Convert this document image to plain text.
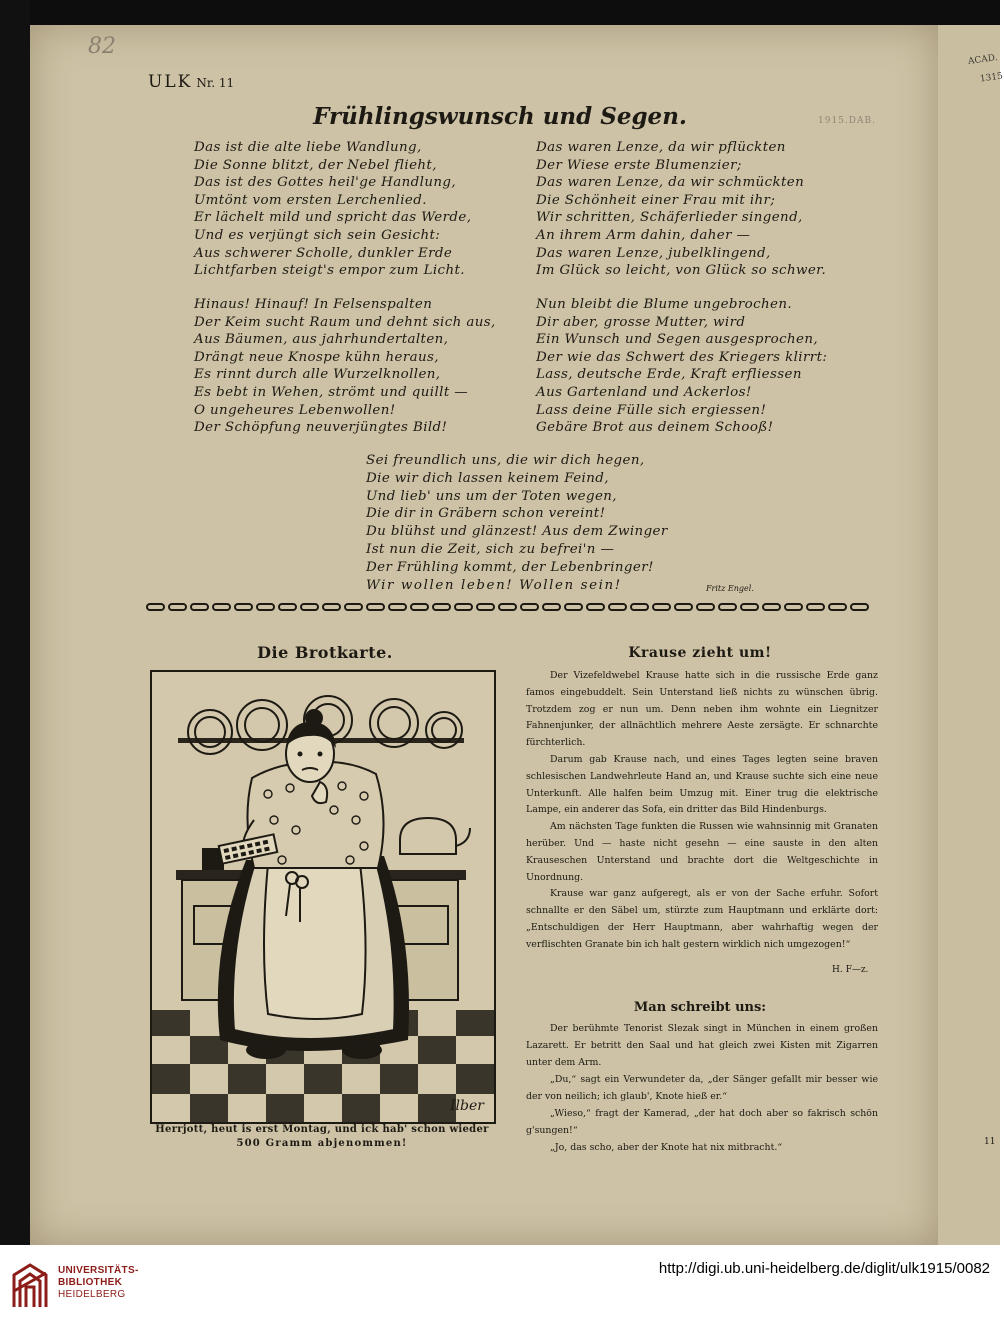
82
ACAD.
1315
ULK Nr. 11
1915.DAB.
Frühlingswunsch und Segen.
Das ist die alte liebe Wandlung,
Die Sonne blitzt, der Nebel flieht,
Das ist des Gottes heil'ge Handlung,
Umtönt vom ersten Lerchenlied.
Er lächelt mild und spricht das Werde,
Und es verjüngt sich sein Gesicht:
Aus schwerer Scholle, dunkler Erde
Lichtfarben steigt's empor zum Licht.
Das waren Lenze, da wir pflückten
Der Wiese erste Blumenzier;
Das waren Lenze, da wir schmückten
Die Schönheit einer Frau mit ihr;
Wir schritten, Schäferlieder singend,
An ihrem Arm dahin, daher —
Das waren Lenze, jubelklingend,
Im Glück so leicht, von Glück so schwer.
Hinaus! Hinauf! In Felsenspalten
Der Keim sucht Raum und dehnt sich aus,
Aus Bäumen, aus jahrhundertalten,
Drängt neue Knospe kühn heraus,
Es rinnt durch alle Wurzelknollen,
Es bebt in Wehen, strömt und quillt —
O ungeheures Lebenwollen!
Der Schöpfung neuverjüngtes Bild!
Nun bleibt die Blume ungebrochen.
Dir aber, grosse Mutter, wird
Ein Wunsch und Segen ausgesprochen,
Der wie das Schwert des Kriegers klirrt:
Lass, deutsche Erde, Kraft erfliessen
Aus Gartenland und Ackerlos!
Lass deine Fülle sich ergiessen!
Gebäre Brot aus deinem Schooß!
Sei freundlich uns, die wir dich hegen,
Die wir dich lassen keinem Feind,
Und lieb' uns um der Toten wegen,
Die dir in Gräbern schon vereint!
Du blühst und glänzest! Aus dem Zwinger
Ist nun die Zeit, sich zu befrei'n —
Der Frühling kommt, der Lebenbringer!
Wir wollen leben! Wollen sein!	Fritz Engel.
Die Brotkarte.
Ilber
Herrjott, heut is erst Montag, und ick hab' schon wieder
500 Gramm abjenommen!
Krause zieht um!

Der Vizefeldwebel Krause hatte sich in die russische Erde ganz famos eingebuddelt. Sein Unterstand ließ nichts zu wünschen übrig. Trotzdem zog er nun um. Denn neben ihm wohnte ein Liegnitzer Fahnenjunker, der allnächtlich mehrere Aeste zersägte. Er schnarchte fürchterlich.

Darum gab Krause nach, und eines Tages legten seine braven schlesischen Landwehrleute Hand an, und Krause suchte sich eine neue Unterkunft. Alle halfen beim Umzug mit. Einer trug die elektrische Lampe, ein anderer das Sofa, ein dritter das Bild Hindenburgs.

Am nächsten Tage funkten die Russen wie wahnsinnig mit Granaten herüber. Und — haste nicht gesehn — eine sauste in den alten Krauseschen Unterstand und brachte dort die Weltgeschichte in Unordnung.

Krause war ganz aufgeregt, als er von der Sache erfuhr. Sofort schnallte er den Säbel um, stürzte zum Hauptmann und erklärte dort: „Entschuldigen der Herr Hauptmann, aber wahrhaftig wegen der verflischten Granate bin ich halt gestern wirklich nich umgezogen!“

H. F—z.
Man schreibt uns:

Der berühmte Tenorist Slezak singt in München in einem großen Lazarett. Er betritt den Saal und hat gleich zwei Kisten mit Zigarren unter dem Arm.

„Du,“ sagt ein Verwundeter da, „der Sänger gefallt mir besser wie der von neilich; ich glaub', Knote hieß er.“

„Wieso,“ fragt der Kamerad, „der hat doch aber so fakrisch schön g'sungen!“

„Jo, das scho, aber der Knote hat nix mitbracht.“	11
UNIVERSITÄTS-
BIBLIOTHEK
HEIDELBERG
http://digi.ub.uni-heidelberg.de/diglit/ulk1915/0082
